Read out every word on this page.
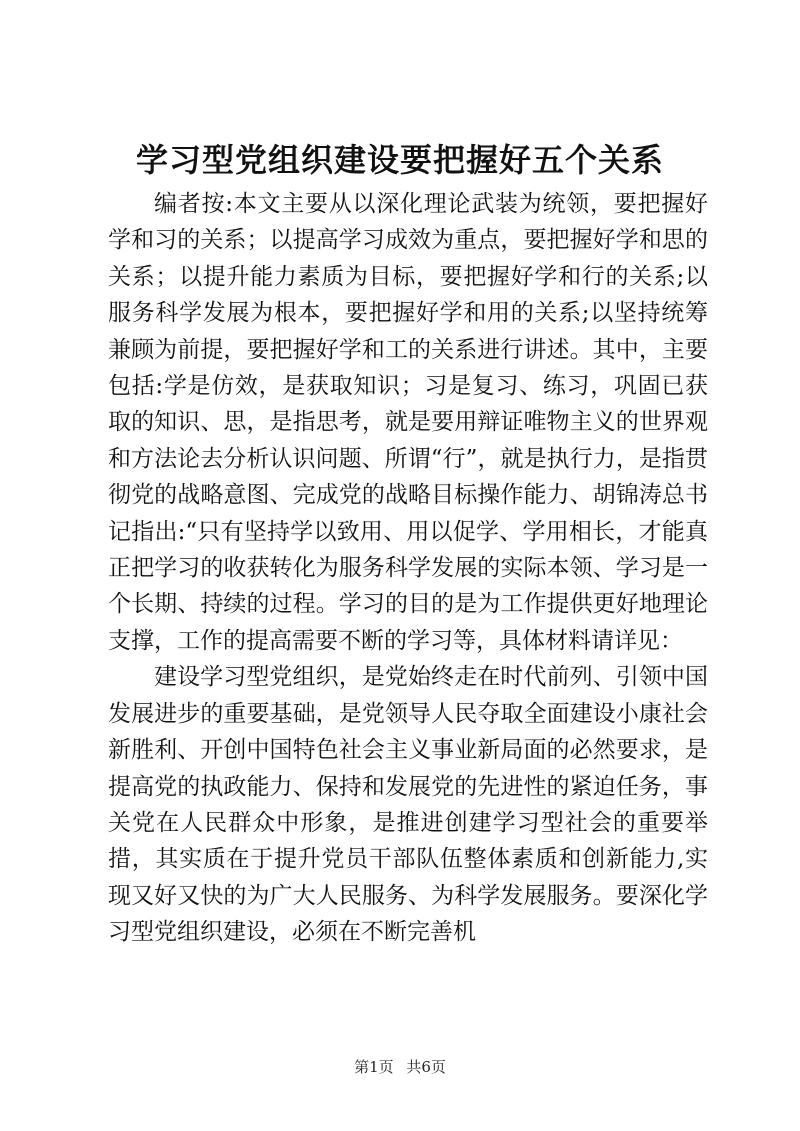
学习型党组织建设要把握好五个关系

编者按:本文主要从以深化理论武装为统领，要把握好学和习的关系；以提高学习成效为重点，要把握好学和思的关系；以提升能力素质为目标，要把握好学和行的关系;以服务科学发展为根本，要把握好学和用的关系;以坚持统筹兼顾为前提，要把握好学和工的关系进行讲述。其中，主要包括:学是仿效，是获取知识；习是复习、练习，巩固已获取的知识、思，是指思考，就是要用辩证唯物主义的世界观和方法论去分析认识问题、所谓“行”，就是执行力，是指贯彻党的战略意图、完成党的战略目标操作能力、胡锦涛总书记指出:“只有坚持学以致用、用以促学、学用相长，才能真正把学习的收获转化为服务科学发展的实际本领、学习是一个长期、持续的过程。学习的目的是为工作提供更好地理论支撑，工作的提高需要不断的学习等，具体材料请详见：

建设学习型党组织，是党始终走在时代前列、引领中国发展进步的重要基础，是党领导人民夺取全面建设小康社会新胜利、开创中国特色社会主义事业新局面的必然要求，是提高党的执政能力、保持和发展党的先进性的紧迫任务，事关党在人民群众中形象，是推进创建学习型社会的重要举措，其实质在于提升党员干部队伍整体素质和创新能力,实现又好又快的为广大人民服务、为科学发展服务。要深化学习型党组织建设，必须在不断完善机

第1页 共6页
